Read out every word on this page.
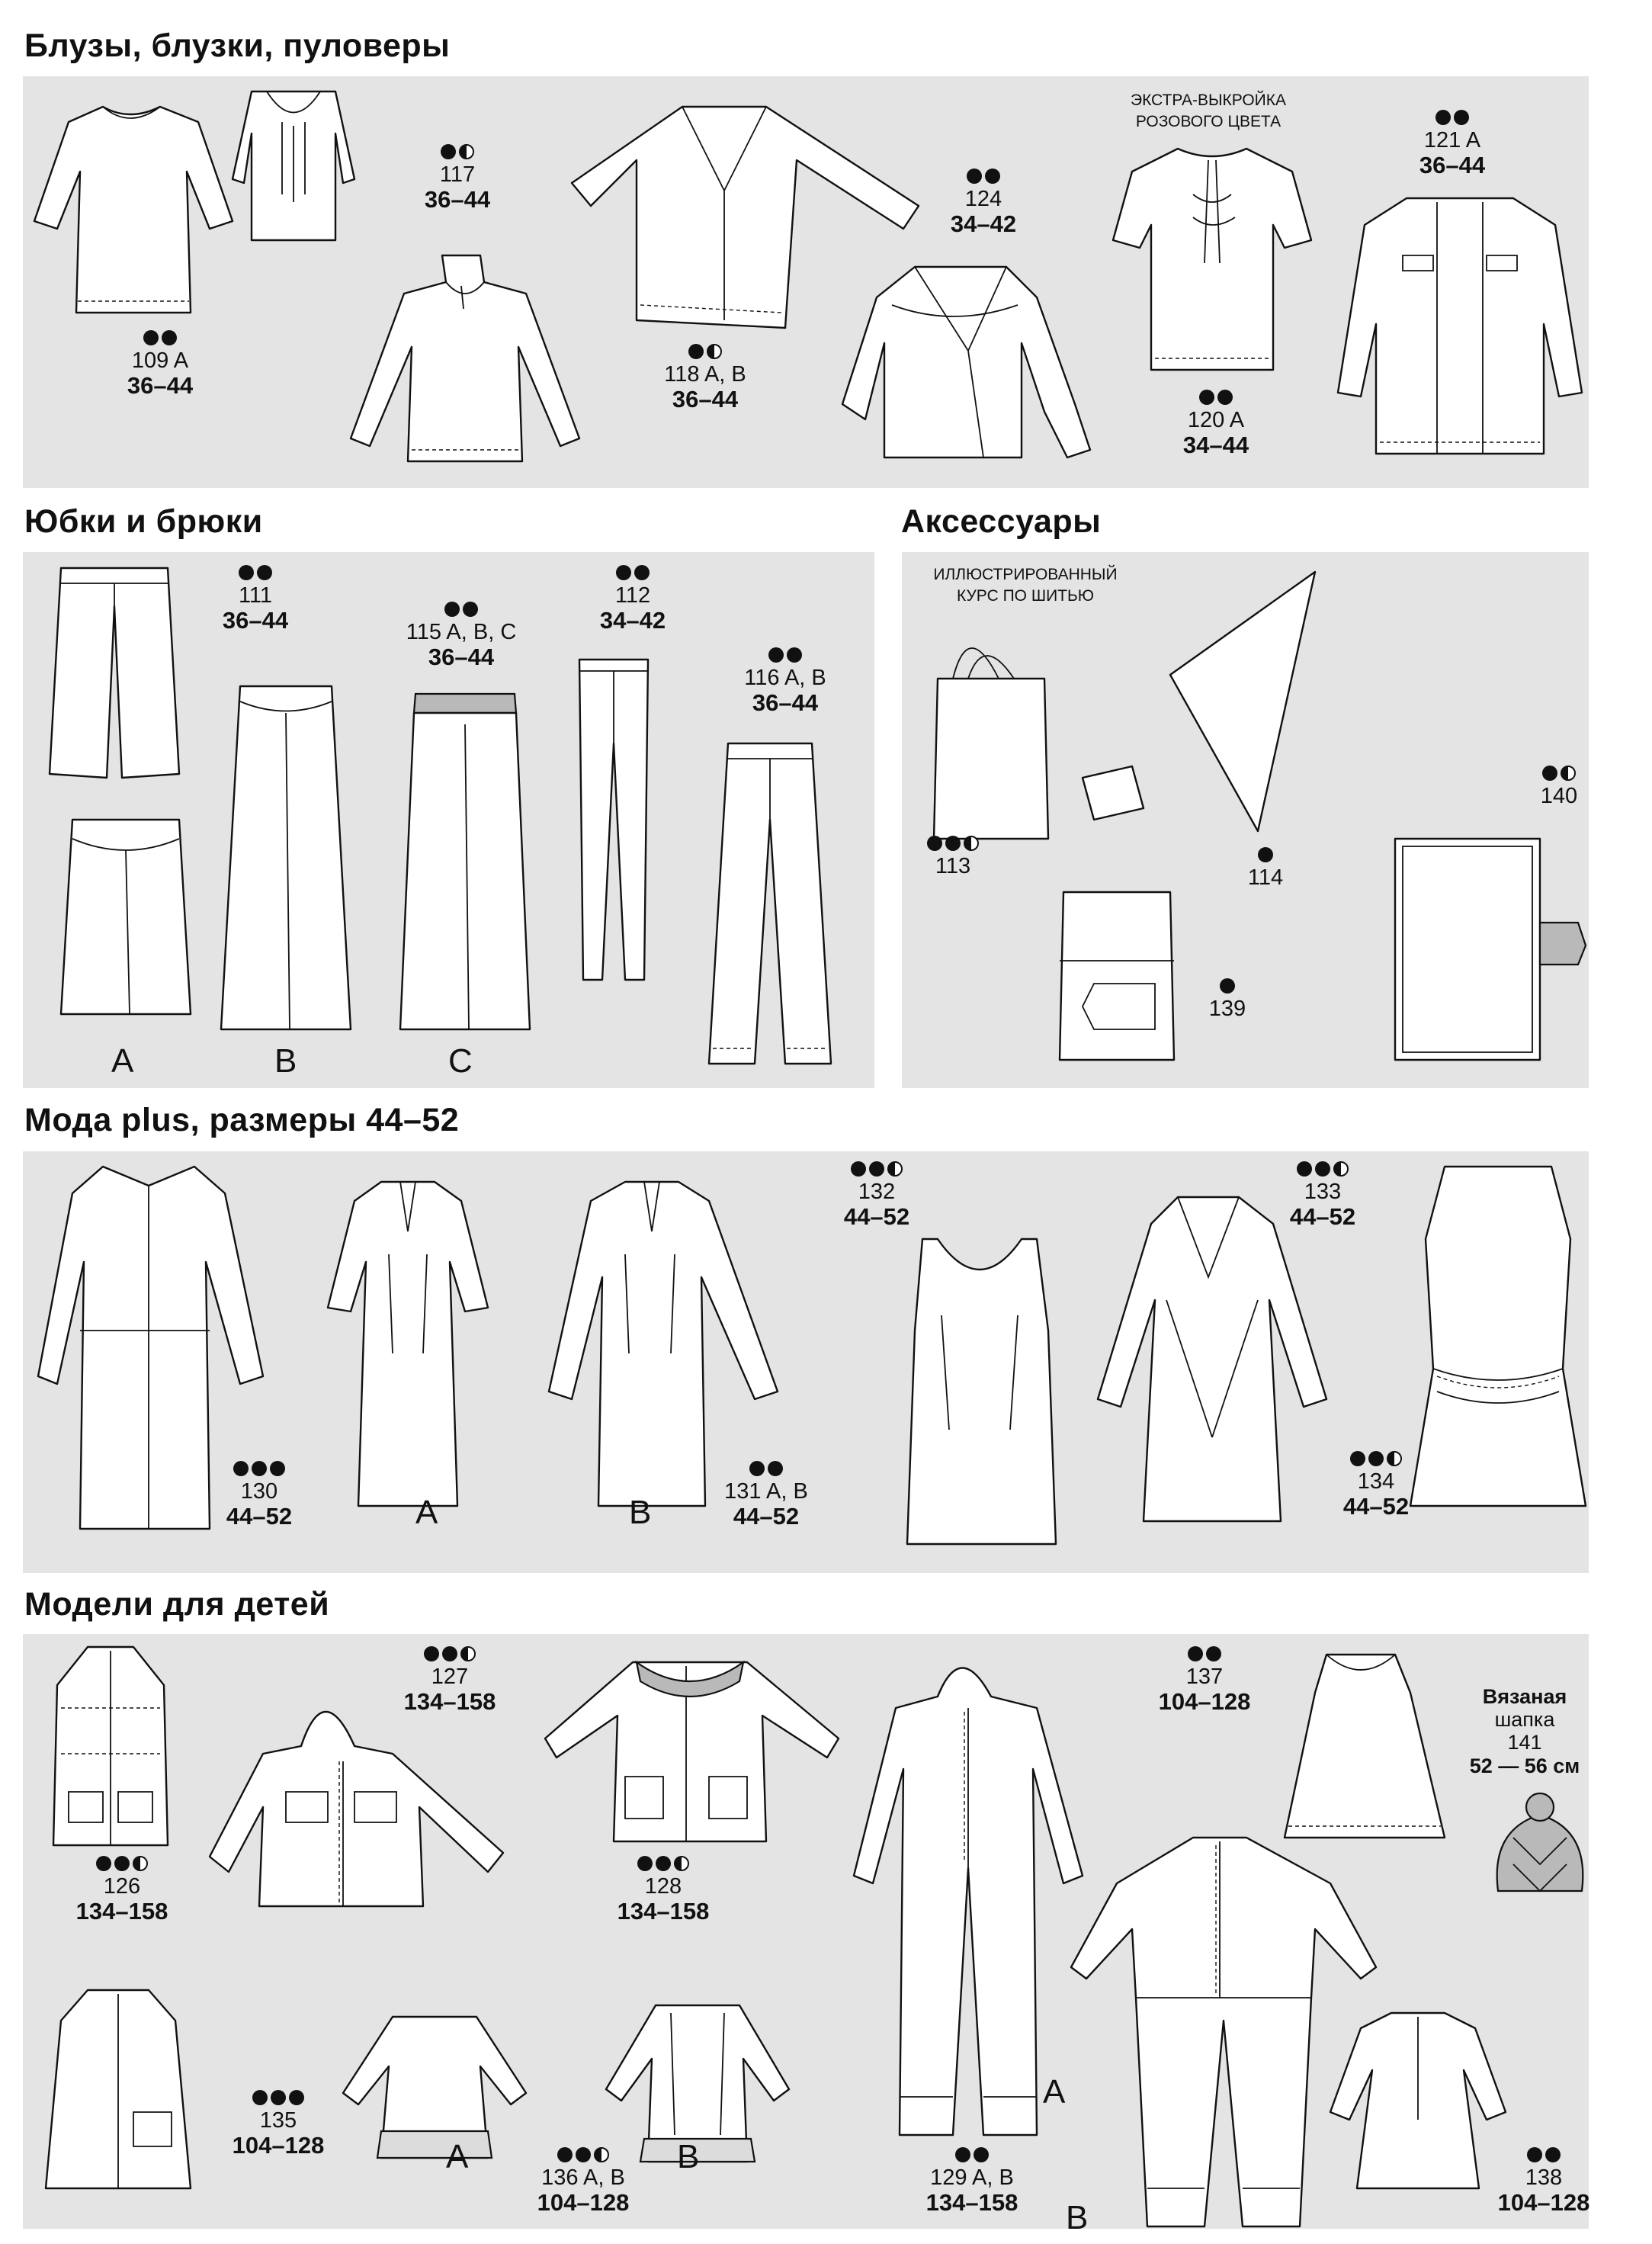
Блузы, блузки, пуловеры
Юбки и брюки	Аксессуары
Мода plus, размеры 44–52
Модели для детей
ЭКСТРА-ВЫКРОЙКА РОЗОВОГО ЦВЕТА
ИЛЛЮСТРИРОВАННЫЙ КУРС ПО ШИТЬЮ
109 A
36–44
117
36–44
118 A, B
36–44
124
34–42
120 A
34–44
121 A
36–44
111
36–44	115 A, B, C
36–44
112
34–42
116 A, B
36–44
A	B	C
113	114
140
139
130
44–52
131 A, B
44–52
132
44–52
133
44–52
134
44–52
A	B
126
134–158
127
134–158
128
134–158
137
104–128	Вязаная
шапка
141
52 — 56 см
135
104–128
136 A, B
104–128
129 A, B
134–158
138
104–128
A	B
A
B
